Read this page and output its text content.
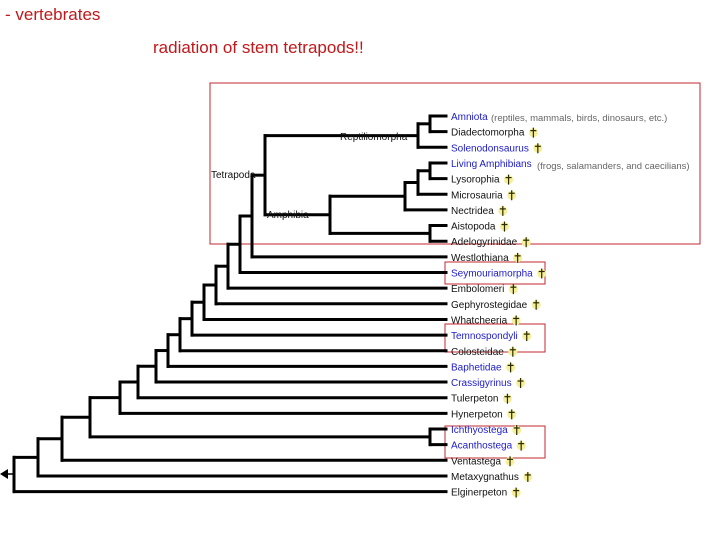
- vertebrates
radiation of stem tetrapods!!
Reptiliomorpha
Tetrapoda
Amphibia
Amniota
Diadectomorpha
Solenodonsaurus
Living Amphibians
Lysorophia
Microsauria
Nectridea
Aistopoda
Adelogyrinidae
Westlothiana
Seymouriamorpha
Embolomeri
Gephyrostegidae
Whatcheeria
Temnospondyli
Colosteidae
Baphetidae
Crassigyrinus
Tulerpeton
Hynerpeton
Ichthyostega
Acanthostega
Ventastega
Metaxygnathus
Elginerpeton
(reptiles, mammals, birds, dinosaurs, etc.)
(frogs, salamanders, and caecilians)
